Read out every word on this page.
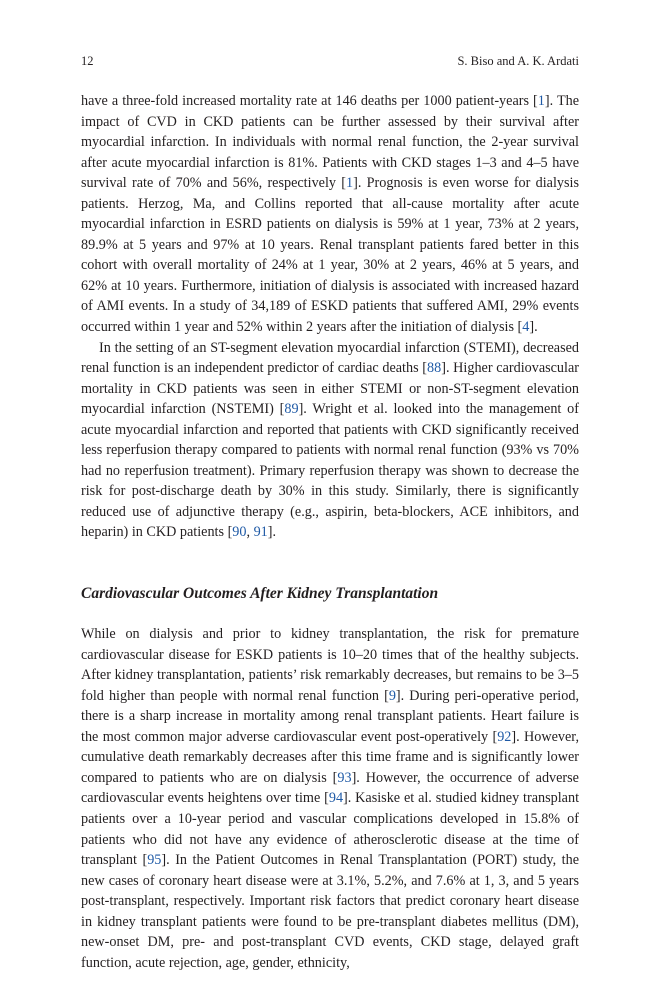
12	S. Biso and A. K. Ardati

have a three-fold increased mortality rate at 146 deaths per 1000 patient-years [1]. The impact of CVD in CKD patients can be further assessed by their survival after myocardial infarction. In individuals with normal renal function, the 2-year survival after acute myocardial infarction is 81%. Patients with CKD stages 1–3 and 4–5 have survival rate of 70% and 56%, respectively [1]. Prognosis is even worse for dialysis patients. Herzog, Ma, and Collins reported that all-cause mortality after acute myocardial infarction in ESRD patients on dialysis is 59% at 1 year, 73% at 2 years, 89.9% at 5 years and 97% at 10 years. Renal transplant patients fared better in this cohort with overall mortality of 24% at 1 year, 30% at 2 years, 46% at 5 years, and 62% at 10 years. Furthermore, initiation of dialysis is associated with increased hazard of AMI events. In a study of 34,189 of ESKD patients that suffered AMI, 29% events occurred within 1 year and 52% within 2 years after the initiation of dialysis [4].

In the setting of an ST-segment elevation myocardial infarction (STEMI), decreased renal function is an independent predictor of cardiac deaths [88]. Higher cardiovascular mortality in CKD patients was seen in either STEMI or non-ST-segment elevation myocardial infarction (NSTEMI) [89]. Wright et al. looked into the management of acute myocardial infarction and reported that patients with CKD significantly received less reperfusion therapy compared to patients with normal renal function (93% vs 70% had no reperfusion treatment). Primary reperfusion therapy was shown to decrease the risk for post-discharge death by 30% in this study. Similarly, there is significantly reduced use of adjunctive therapy (e.g., aspirin, beta-blockers, ACE inhibitors, and heparin) in CKD patients [90, 91].

Cardiovascular Outcomes After Kidney Transplantation

While on dialysis and prior to kidney transplantation, the risk for premature cardiovascular disease for ESKD patients is 10–20 times that of the healthy subjects. After kidney transplantation, patients’ risk remarkably decreases, but remains to be 3–5 fold higher than people with normal renal function [9]. During peri-operative period, there is a sharp increase in mortality among renal transplant patients. Heart failure is the most common major adverse cardiovascular event post-operatively [92]. However, cumulative death remarkably decreases after this time frame and is significantly lower compared to patients who are on dialysis [93]. However, the occurrence of adverse cardiovascular events heightens over time [94]. Kasiske et al. studied kidney transplant patients over a 10-year period and vascular complications developed in 15.8% of patients who did not have any evidence of atherosclerotic disease at the time of transplant [95]. In the Patient Outcomes in Renal Transplantation (PORT) study, the new cases of coronary heart disease were at 3.1%, 5.2%, and 7.6% at 1, 3, and 5 years post-transplant, respectively. Important risk factors that predict coronary heart disease in kidney transplant patients were found to be pre-transplant diabetes mellitus (DM), new-onset DM, pre- and post-transplant CVD events, CKD stage, delayed graft function, acute rejection, age, gender, ethnicity,
